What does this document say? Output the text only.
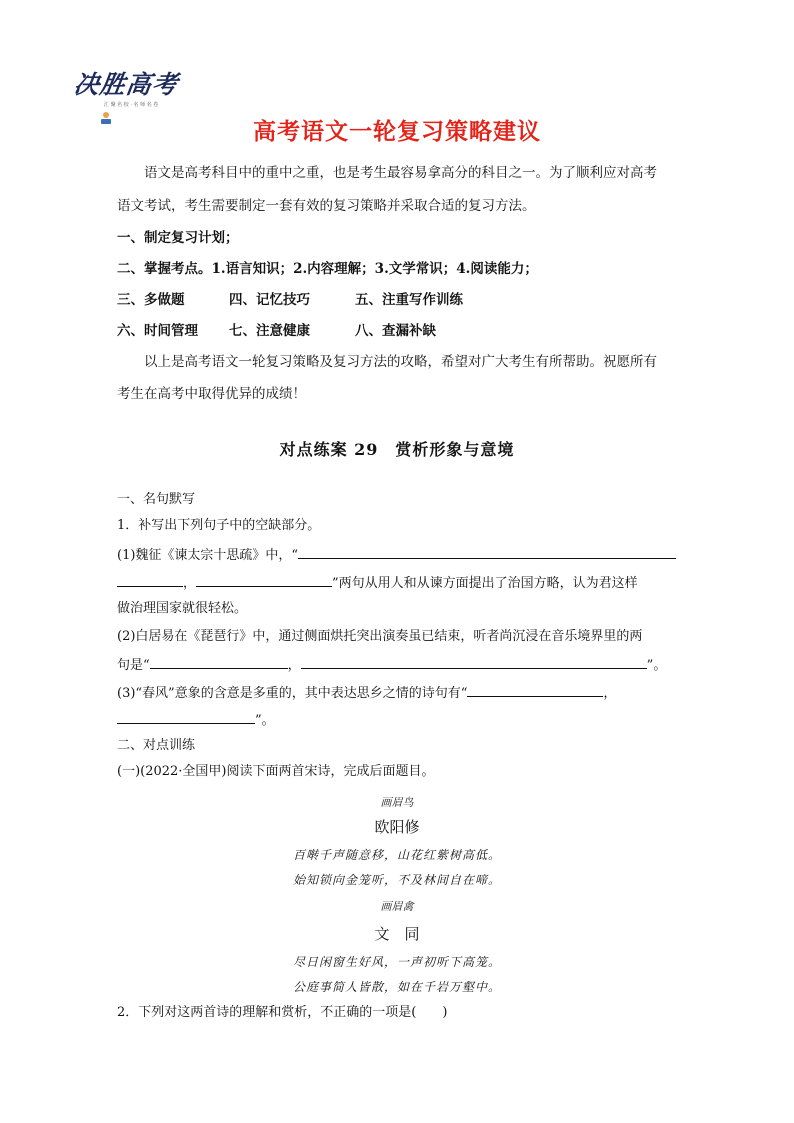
决胜高考
汇 聚 名 校 · 名 师 名 卷
高考语文一轮复习策略建议
语文是高考科目中的重中之重，也是考生最容易拿高分的科目之一。为了顺利应对高考
语文考试，考生需要制定一套有效的复习策略并采取合适的复习方法。
一、制定复习计划；
二、掌握考点。1.语言知识；2.内容理解；3.文学常识；4.阅读能力；
三、多做题	四、记忆技巧	五、注重写作训练
六、时间管理 七、注意健康	八、查漏补缺
以上是高考语文一轮复习策略及复习方法的攻略，希望对广大考生有所帮助。祝愿所有
考生在高考中取得优异的成绩！
对点练案 29　赏析形象与意境
一、名句默写
1．补写出下列句子中的空缺部分。
(1)魏征《谏太宗十思疏》中，“
，	”两句从用人和从谏方面提出了治国方略，认为君这样
做治理国家就很轻松。
(2)白居易在《琵琶行》中，通过侧面烘托突出演奏虽已结束，听者尚沉浸在音乐境界里的两
句是“	，	”。
(3)“春风”意象的含意是多重的，其中表达思乡之情的诗句有“	，
”。
二、对点训练
(一)(2022·全国甲)阅读下面两首宋诗，完成后面题目。
画眉鸟
欧阳修
百啭千声随意移，山花红紫树高低。
始知锁向金笼听，不及林间自在啼。
画眉禽
文　同
尽日闲窗生好风，一声初听下高笼。
公庭事简人皆散，如在千岩万壑中。
2．下列对这两首诗的理解和赏析，不正确的一项是(　　)
